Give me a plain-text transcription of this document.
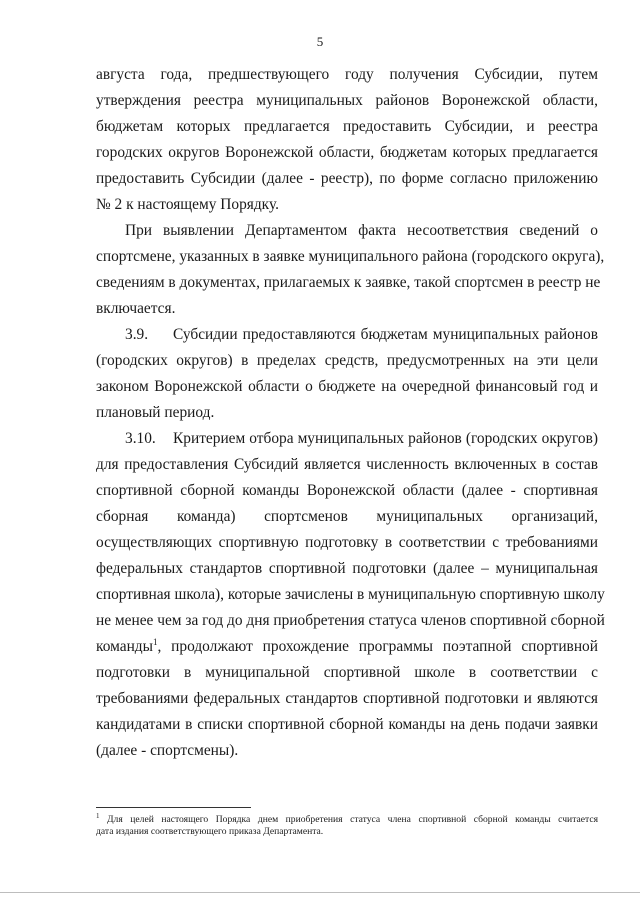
5
августа года, предшествующего году получения Субсидии, путем
утверждения реестра муниципальных районов Воронежской области,
бюджетам которых предлагается предоставить Субсидии, и реестра
городских округов Воронежской области, бюджетам которых предлагается
предоставить Субсидии (далее - реестр), по форме согласно приложению
№ 2 к настоящему Порядку.
При выявлении Департаментом факта несоответствия сведений о
спортсмене, указанных в заявке муниципального района (городского округа),
сведениям в документах, прилагаемых к заявке, такой спортсмен в реестр не
включается.
3.9. Субсидии предоставляются бюджетам муниципальных районов
(городских округов) в пределах средств, предусмотренных на эти цели
законом Воронежской области о бюджете на очередной финансовый год и
плановый период.
3.10. Критерием отбора муниципальных районов (городских округов)
для предоставления Субсидий является численность включенных в состав
спортивной сборной команды Воронежской области (далее - спортивная
сборная команда) спортсменов муниципальных организаций,
осуществляющих спортивную подготовку в соответствии с требованиями
федеральных стандартов спортивной подготовки (далее – муниципальная
спортивная школа), которые зачислены в муниципальную спортивную школу
не менее чем за год до дня приобретения статуса членов спортивной сборной
команды$^1$, продолжают прохождение программы поэтапной спортивной
подготовки в муниципальной спортивной школе в соответствии с
требованиями федеральных стандартов спортивной подготовки и являются
кандидатами в списки спортивной сборной команды на день подачи заявки
(далее - спортсмены).
$^1$ Для целей настоящего Порядка днем приобретения статуса члена спортивной сборной команды считается
дата издания соответствующего приказа Департамента.
